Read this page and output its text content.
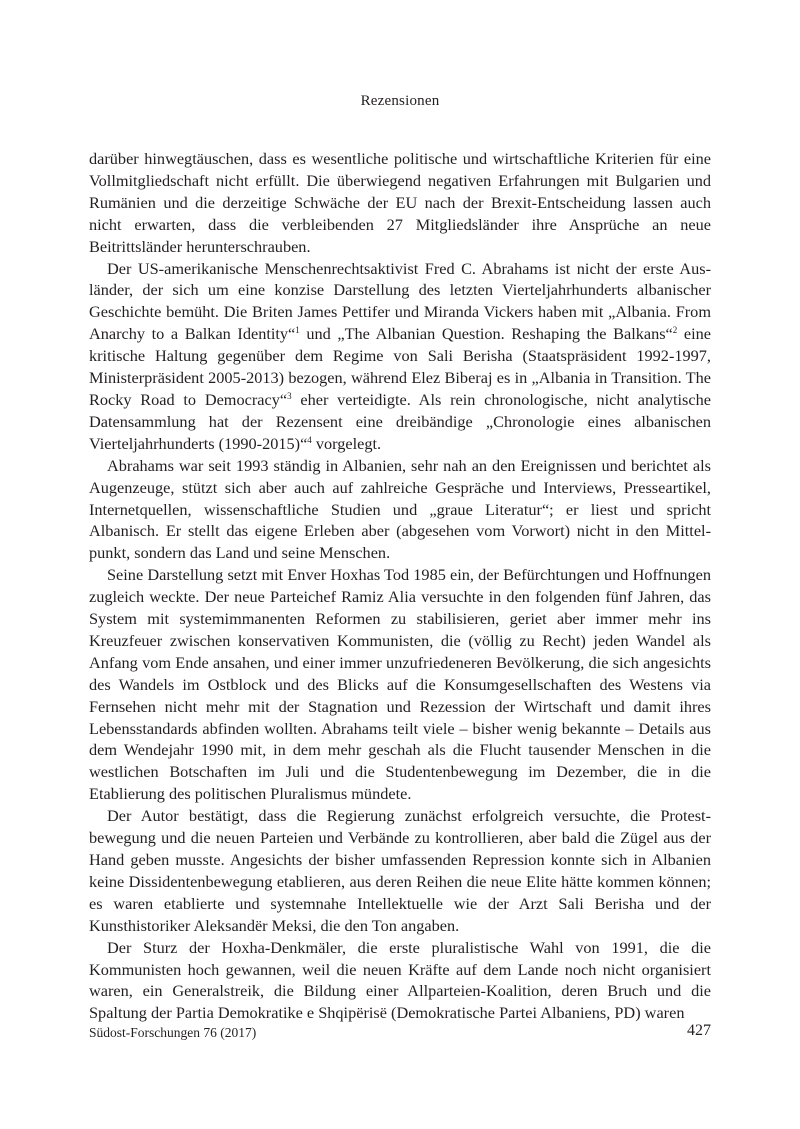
Rezensionen

darüber hinwegtäuschen, dass es wesentliche politische und wirtschaftliche Kriterien für eine Vollmitgliedschaft nicht erfüllt. Die überwiegend negativen Erfahrungen mit Bulgarien und Rumänien und die derzeitige Schwäche der EU nach der Brexit-Entscheidung lassen auch nicht erwarten, dass die verbleibenden 27 Mitgliedsländer ihre Ansprüche an neue Beitrittsländer herunterschrauben.

Der US-amerikanische Menschenrechtsaktivist Fred C. Abrahams ist nicht der erste Ausländer, der sich um eine konzise Darstellung des letzten Vierteljahrhunderts albanischer Geschichte bemüht. Die Briten James Pettifer und Miranda Vickers haben mit „Albania. From Anarchy to a Balkan Identity“$^1$ und „The Albanian Question. Reshaping the Balkans“$^2$ eine kritische Haltung gegenüber dem Regime von Sali Berisha (Staatspräsident 1992-1997, Ministerpräsident 2005-2013) bezogen, während Elez Biberaj es in „Albania in Transition. The Rocky Road to Democracy“$^3$ eher verteidigte. Als rein chronologische, nicht analytische Datensammlung hat der Rezensent eine dreibändige „Chronologie eines albanischen Vierteljahrhunderts (1990-2015)“$^4$ vorgelegt.

Abrahams war seit 1993 ständig in Albanien, sehr nah an den Ereignissen und berichtet als Augenzeuge, stützt sich aber auch auf zahlreiche Gespräche und Interviews, Presseartikel, Internetquellen, wissenschaftliche Studien und „graue Literatur“; er liest und spricht Albanisch. Er stellt das eigene Erleben aber (abgesehen vom Vorwort) nicht in den Mittelpunkt, sondern das Land und seine Menschen.

Seine Darstellung setzt mit Enver Hoxhas Tod 1985 ein, der Befürchtungen und Hoffnungen zugleich weckte. Der neue Parteichef Ramiz Alia versuchte in den folgenden fünf Jahren, das System mit systemimmanenten Reformen zu stabilisieren, geriet aber immer mehr ins Kreuzfeuer zwischen konservativen Kommunisten, die (völlig zu Recht) jeden Wandel als Anfang vom Ende ansahen, und einer immer unzufriedeneren Bevölkerung, die sich angesichts des Wandels im Ostblock und des Blicks auf die Konsumgesellschaften des Westens via Fernsehen nicht mehr mit der Stagnation und Rezession der Wirtschaft und damit ihres Lebensstandards abfinden wollten. Abrahams teilt viele – bisher wenig bekannte – Details aus dem Wendejahr 1990 mit, in dem mehr geschah als die Flucht tausender Menschen in die westlichen Botschaften im Juli und die Studentenbewegung im Dezember, die in die Etablierung des politischen Pluralismus mündete.

Der Autor bestätigt, dass die Regierung zunächst erfolgreich versuchte, die Protestbewegung und die neuen Parteien und Verbände zu kontrollieren, aber bald die Zügel aus der Hand geben musste. Angesichts der bisher umfassenden Repression konnte sich in Albanien keine Dissidentenbewegung etablieren, aus deren Reihen die neue Elite hätte kommen können; es waren etablierte und systemnahe Intellektuelle wie der Arzt Sali Berisha und der Kunsthistoriker Aleksandër Meksi, die den Ton angaben.

Der Sturz der Hoxha-Denkmäler, die erste pluralistische Wahl von 1991, die die Kommunisten hoch gewannen, weil die neuen Kräfte auf dem Lande noch nicht organisiert waren, ein Generalstreik, die Bildung einer Allparteien-Koalition, deren Bruch und die Spaltung der Partia Demokratike e Shqipërisë (Demokratische Partei Albaniens, PD) waren

Südost-Forschungen 76 (2017)	427
